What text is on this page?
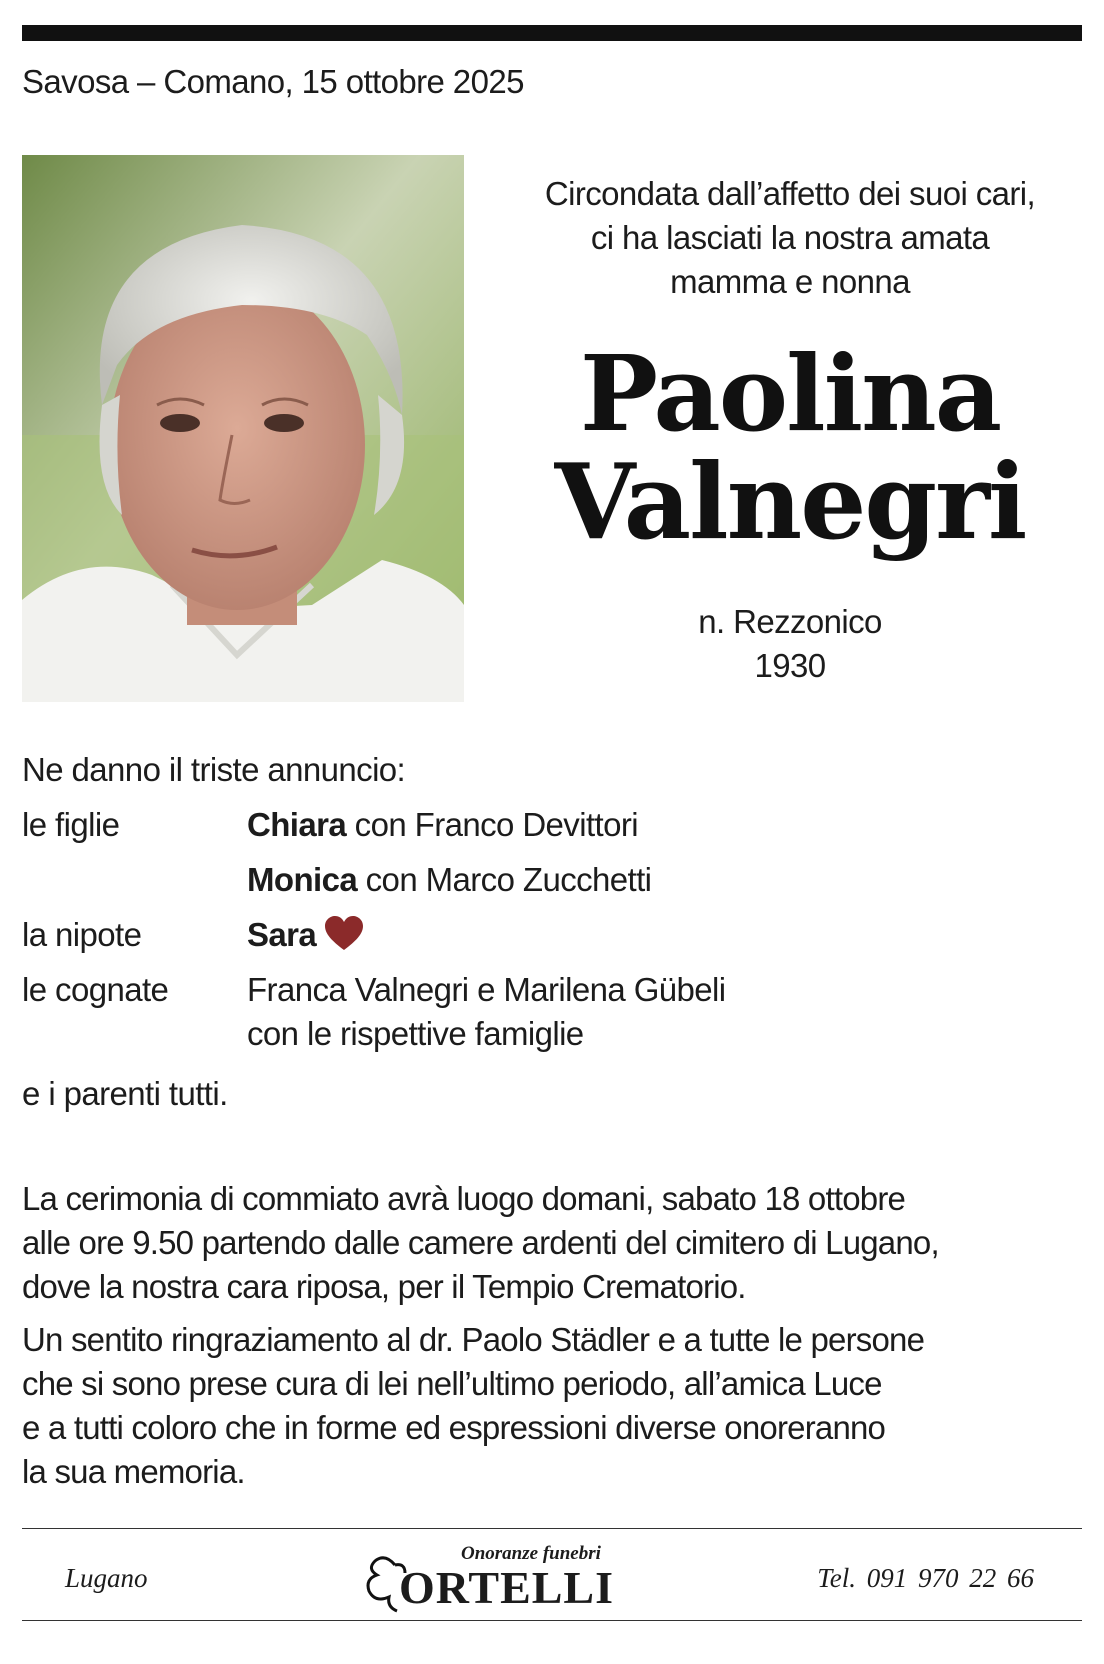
Savosa – Comano, 15 ottobre 2025
Circondata dall’affetto dei suoi cari,
ci ha lasciati la nostra amata
mamma e nonna
Paolina
Valnegri
n. Rezzonico
1930
Ne danno il triste annuncio:
le figlie	Chiara con Franco Devittori
Monica con Marco Zucchetti
la nipote	Sara
le cognate Franca Valnegri e Marilena Gübeli
con le rispettive famiglie
e i parenti tutti.
La cerimonia di commiato avrà luogo domani, sabato 18 ottobre
alle ore 9.50 partendo dalle camere ardenti del cimitero di Lugano,
dove la nostra cara riposa, per il Tempio Crematorio.
Un sentito ringraziamento al dr. Paolo Städler e a tutte le persone
che si sono prese cura di lei nell’ultimo periodo, all’amica Luce
e a tutti coloro che in forme ed espressioni diverse onoreranno
la sua memoria.
Lugano
Onoranze funebri
ORTELLI	Tel. 091 970 22 66
